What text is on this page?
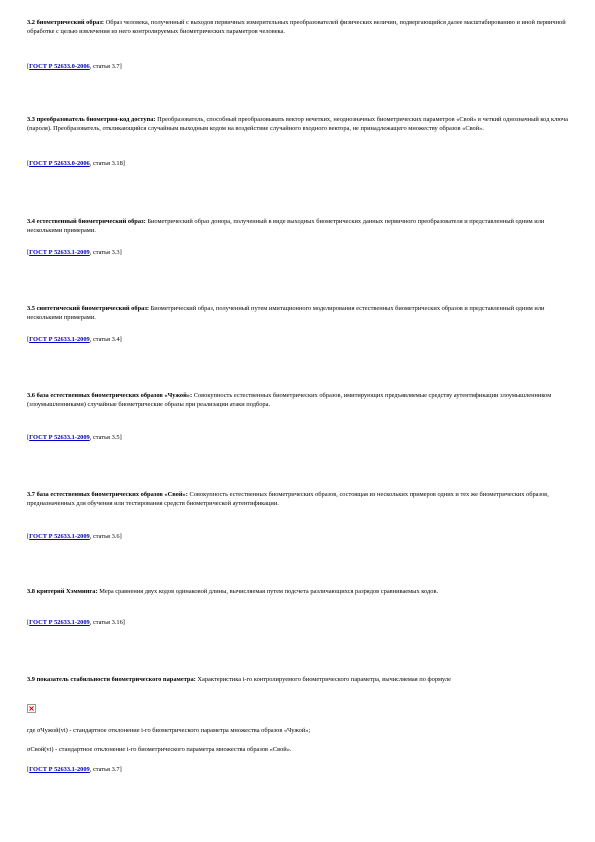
3.2 биометрический образ: Образ человека, полученный с выходов первичных измерительных преобразователей физических величин, подвергающийся далее масштабированию и иной первичной обработке с целью извлечения из него контролируемых биометрических параметров человека.

[ГОСТ Р 52633.0-2006, статья 3.7]

3.3 преобразователь биометрия-код доступа: Преобразователь, способный преобразовывать вектор нечетких, неоднозначных биометрических параметров «Свой» в четкий однозначный код ключа (пароля). Преобразователь, откликающийся случайным выходным кодом на воздействие случайного входного вектора, не принадлежащего множеству образов «Свой».

[ГОСТ Р 52633.0-2006, статья 3.18]

3.4 естественный биометрический образ: Биометрический образ донора, полученный в виде выходных биометрических данных первичного преобразователя и представленный одним или несколькими примерами.

[ГОСТ Р 52633.1-2009, статья 3.3]

3.5 синтетический биометрический образ: Биометрический образ, полученный путем имитационного моделирования естественных биометрических образов и представленный одним или несколькими примерами.

[ГОСТ Р 52633.1-2009, статья 3.4]

3.6 база естественных биометрических образов «Чужой»: Совокупность естественных биометрических образов, имитирующих предъявляемые средству аутентификации злоумышленником (злоумышленниками) случайные биометрические образы при реализации атаки подбора.

[ГОСТ Р 52633.1-2009, статья 3.5]

3.7 база естественных биометрических образов «Свой»: Совокупность естественных биометрических образов, состоящая из нескольких примеров одних и тех же биометрических образов, предназначенных для обучения или тестирования средств биометрической аутентификации.

[ГОСТ Р 52633.1-2009, статья 3.6]

3.8 критерий Хэмминга: Мера сравнения двух кодов одинаковой длины, вычисляемая путем подсчета различающихся разрядов сравниваемых кодов.

[ГОСТ Р 52633.1-2009, статья 3.16]

3.9 показатель стабильности биометрического параметра: Характеристика i-го контролируемого биометрического параметра, вычисляемая по формуле

где σЧужой(vi) - стандартное отклонение i-го биометрического параметра множества образов «Чужой»;

σСвой(vi) - стандартное отклонение i-го биометрического параметра множества образов «Свой».

[ГОСТ Р 52633.1-2009, статья 3.7]
